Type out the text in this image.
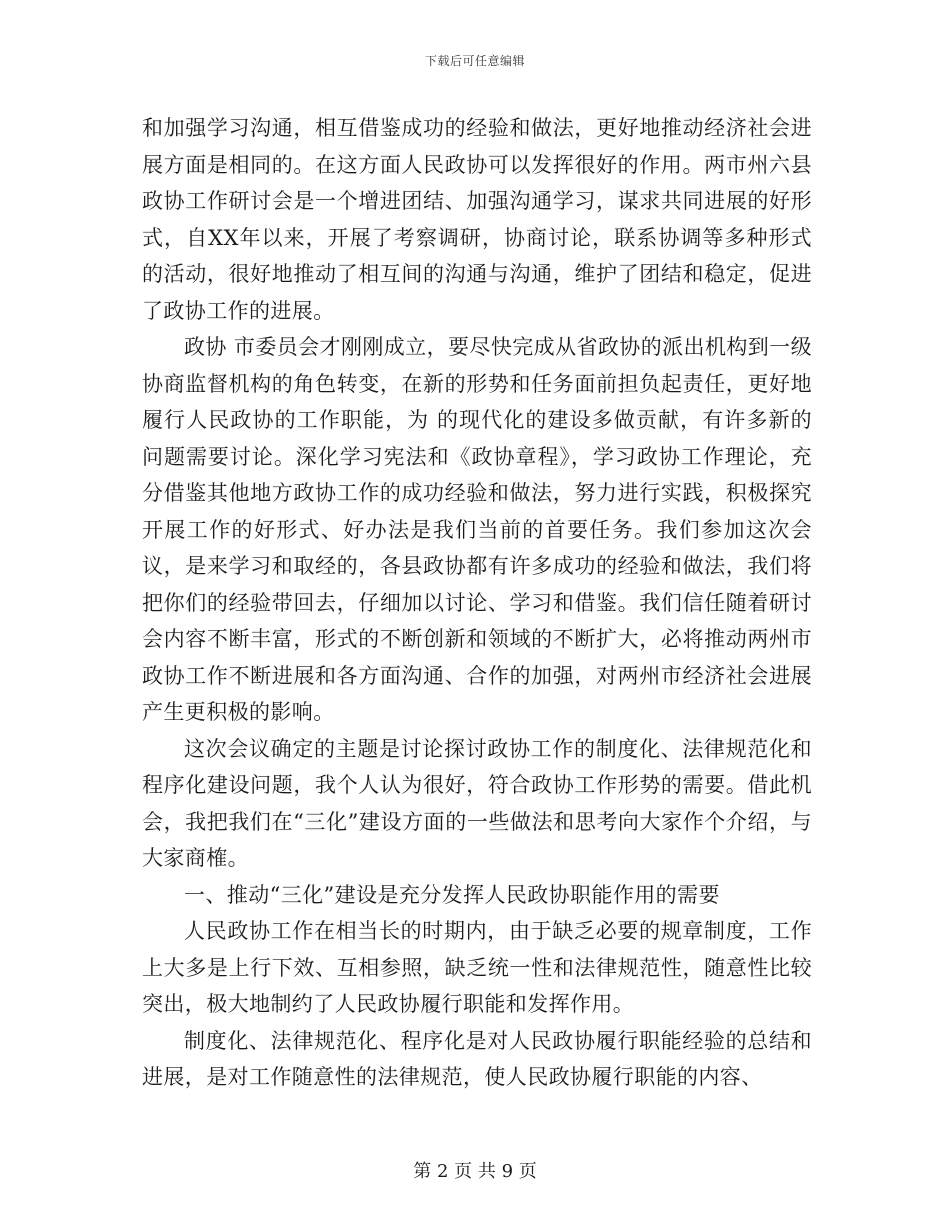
下载后可任意编辑

和加强学习沟通，相互借鉴成功的经验和做法，更好地推动经济社会进展方面是相同的。在这方面人民政协可以发挥很好的作用。两市州六县政协工作研讨会是一个增进团结、加强沟通学习，谋求共同进展的好形式，自XX年以来，开展了考察调研，协商讨论，联系协调等多种形式的活动，很好地推动了相互间的沟通与沟通，维护了团结和稳定，促进了政协工作的进展。

政协 市委员会才刚刚成立，要尽快完成从省政协的派出机构到一级协商监督机构的角色转变，在新的形势和任务面前担负起责任，更好地履行人民政协的工作职能，为 的现代化的建设多做贡献，有许多新的问题需要讨论。深化学习宪法和《政协章程》，学习政协工作理论，充分借鉴其他地方政协工作的成功经验和做法，努力进行实践，积极探究开展工作的好形式、好办法是我们当前的首要任务。我们参加这次会议，是来学习和取经的，各县政协都有许多成功的经验和做法，我们将把你们的经验带回去，仔细加以讨论、学习和借鉴。我们信任随着研讨会内容不断丰富，形式的不断创新和领域的不断扩大，必将推动两州市政协工作不断进展和各方面沟通、合作的加强，对两州市经济社会进展产生更积极的影响。

这次会议确定的主题是讨论探讨政协工作的制度化、法律规范化和程序化建设问题，我个人认为很好，符合政协工作形势的需要。借此机会，我把我们在“三化”建设方面的一些做法和思考向大家作个介绍，与大家商榷。

一、推动“三化”建设是充分发挥人民政协职能作用的需要

人民政协工作在相当长的时期内，由于缺乏必要的规章制度，工作上大多是上行下效、互相参照，缺乏统一性和法律规范性，随意性比较突出，极大地制约了人民政协履行职能和发挥作用。

制度化、法律规范化、程序化是对人民政协履行职能经验的总结和进展，是对工作随意性的法律规范，使人民政协履行职能的内容、

第 2 页 共 9 页
